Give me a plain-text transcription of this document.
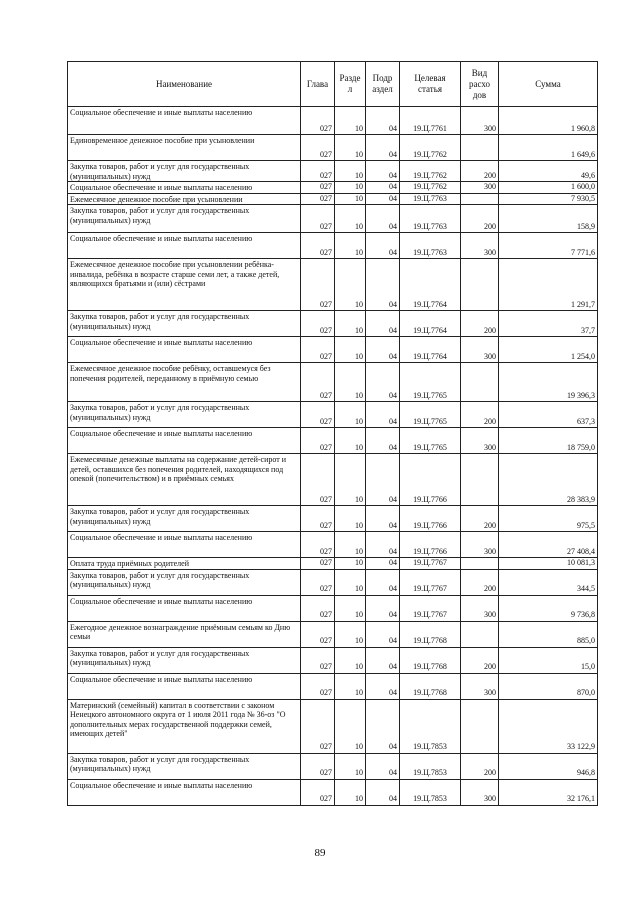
Наименование	Глава	Разде л	Подр аздел	Целевая статья	Вид расхо дов	Сумма
Социальное обеспечение и иные выплаты населению	027	10	04	19.Ц.7761	300	1 960,8
Единовременное денежное пособие при усыновлении	027	10	04	19.Ц.7762		1 649,6
Закупка товаров, работ и услуг для государственных (муниципальных) нужд	027	10	04	19.Ц.7762	200	49,6
Социальное обеспечение и иные выплаты населению	027	10	04	19.Ц.7762	300	1 600,0
Ежемесячное денежное пособие при усыновлении	027	10	04	19.Ц.7763		7 930,5
Закупка товаров, работ и услуг для государственных (муниципальных) нужд	027	10	04	19.Ц.7763	200	158,9
Социальное обеспечение и иные выплаты населению	027	10	04	19.Ц.7763	300	7 771,6
Ежемесячное денежное пособие при усыновлении ребёнка-инвалида, ребёнка в возрасте старше семи лет, а также детей, являющихся братьями и (или) сёстрами	027	10	04	19.Ц.7764		1 291,7
Закупка товаров, работ и услуг для государственных (муниципальных) нужд	027	10	04	19.Ц.7764	200	37,7
Социальное обеспечение и иные выплаты населению	027	10	04	19.Ц.7764	300	1 254,0
Ежемесячное денежное пособие ребёнку, оставшемуся без попечения родителей, переданному в приёмную семью	027	10	04	19.Ц.7765		19 396,3
Закупка товаров, работ и услуг для государственных (муниципальных) нужд	027	10	04	19.Ц.7765	200	637,3
Социальное обеспечение и иные выплаты населению	027	10	04	19.Ц.7765	300	18 759,0
Ежемесячные денежные выплаты на содержание детей-сирот и детей, оставшихся без попечения родителей, находящихся под опекой (попечительством) и в приёмных семьях	027	10	04	19.Ц.7766		28 383,9
Закупка товаров, работ и услуг для государственных (муниципальных) нужд	027	10	04	19.Ц.7766	200	975,5
Социальное обеспечение и иные выплаты населению	027	10	04	19.Ц.7766	300	27 408,4
Оплата труда приёмных родителей	027	10	04	19.Ц.7767		10 081,3
Закупка товаров, работ и услуг для государственных (муниципальных) нужд	027	10	04	19.Ц.7767	200	344,5
Социальное обеспечение и иные выплаты населению	027	10	04	19.Ц.7767	300	9 736,8
Ежегодное денежное вознаграждение приёмным семьям ко Дню семьи	027	10	04	19.Ц.7768		885,0
Закупка товаров, работ и услуг для государственных (муниципальных) нужд	027	10	04	19.Ц.7768	200	15,0
Социальное обеспечение и иные выплаты населению	027	10	04	19.Ц.7768	300	870,0
Материнский (семейный) капитал в соответствии с законом Ненецкого автономного округа от 1 июля 2011 года № 36-оз "О дополнительных мерах государственной поддержки семей, имеющих детей"	027	10	04	19.Ц.7853		33 122,9
Закупка товаров, работ и услуг для государственных (муниципальных) нужд	027	10	04	19.Ц.7853	200	946,8
Социальное обеспечение и иные выплаты населению	027	10	04	19.Ц.7853	300	32 176,1
89
